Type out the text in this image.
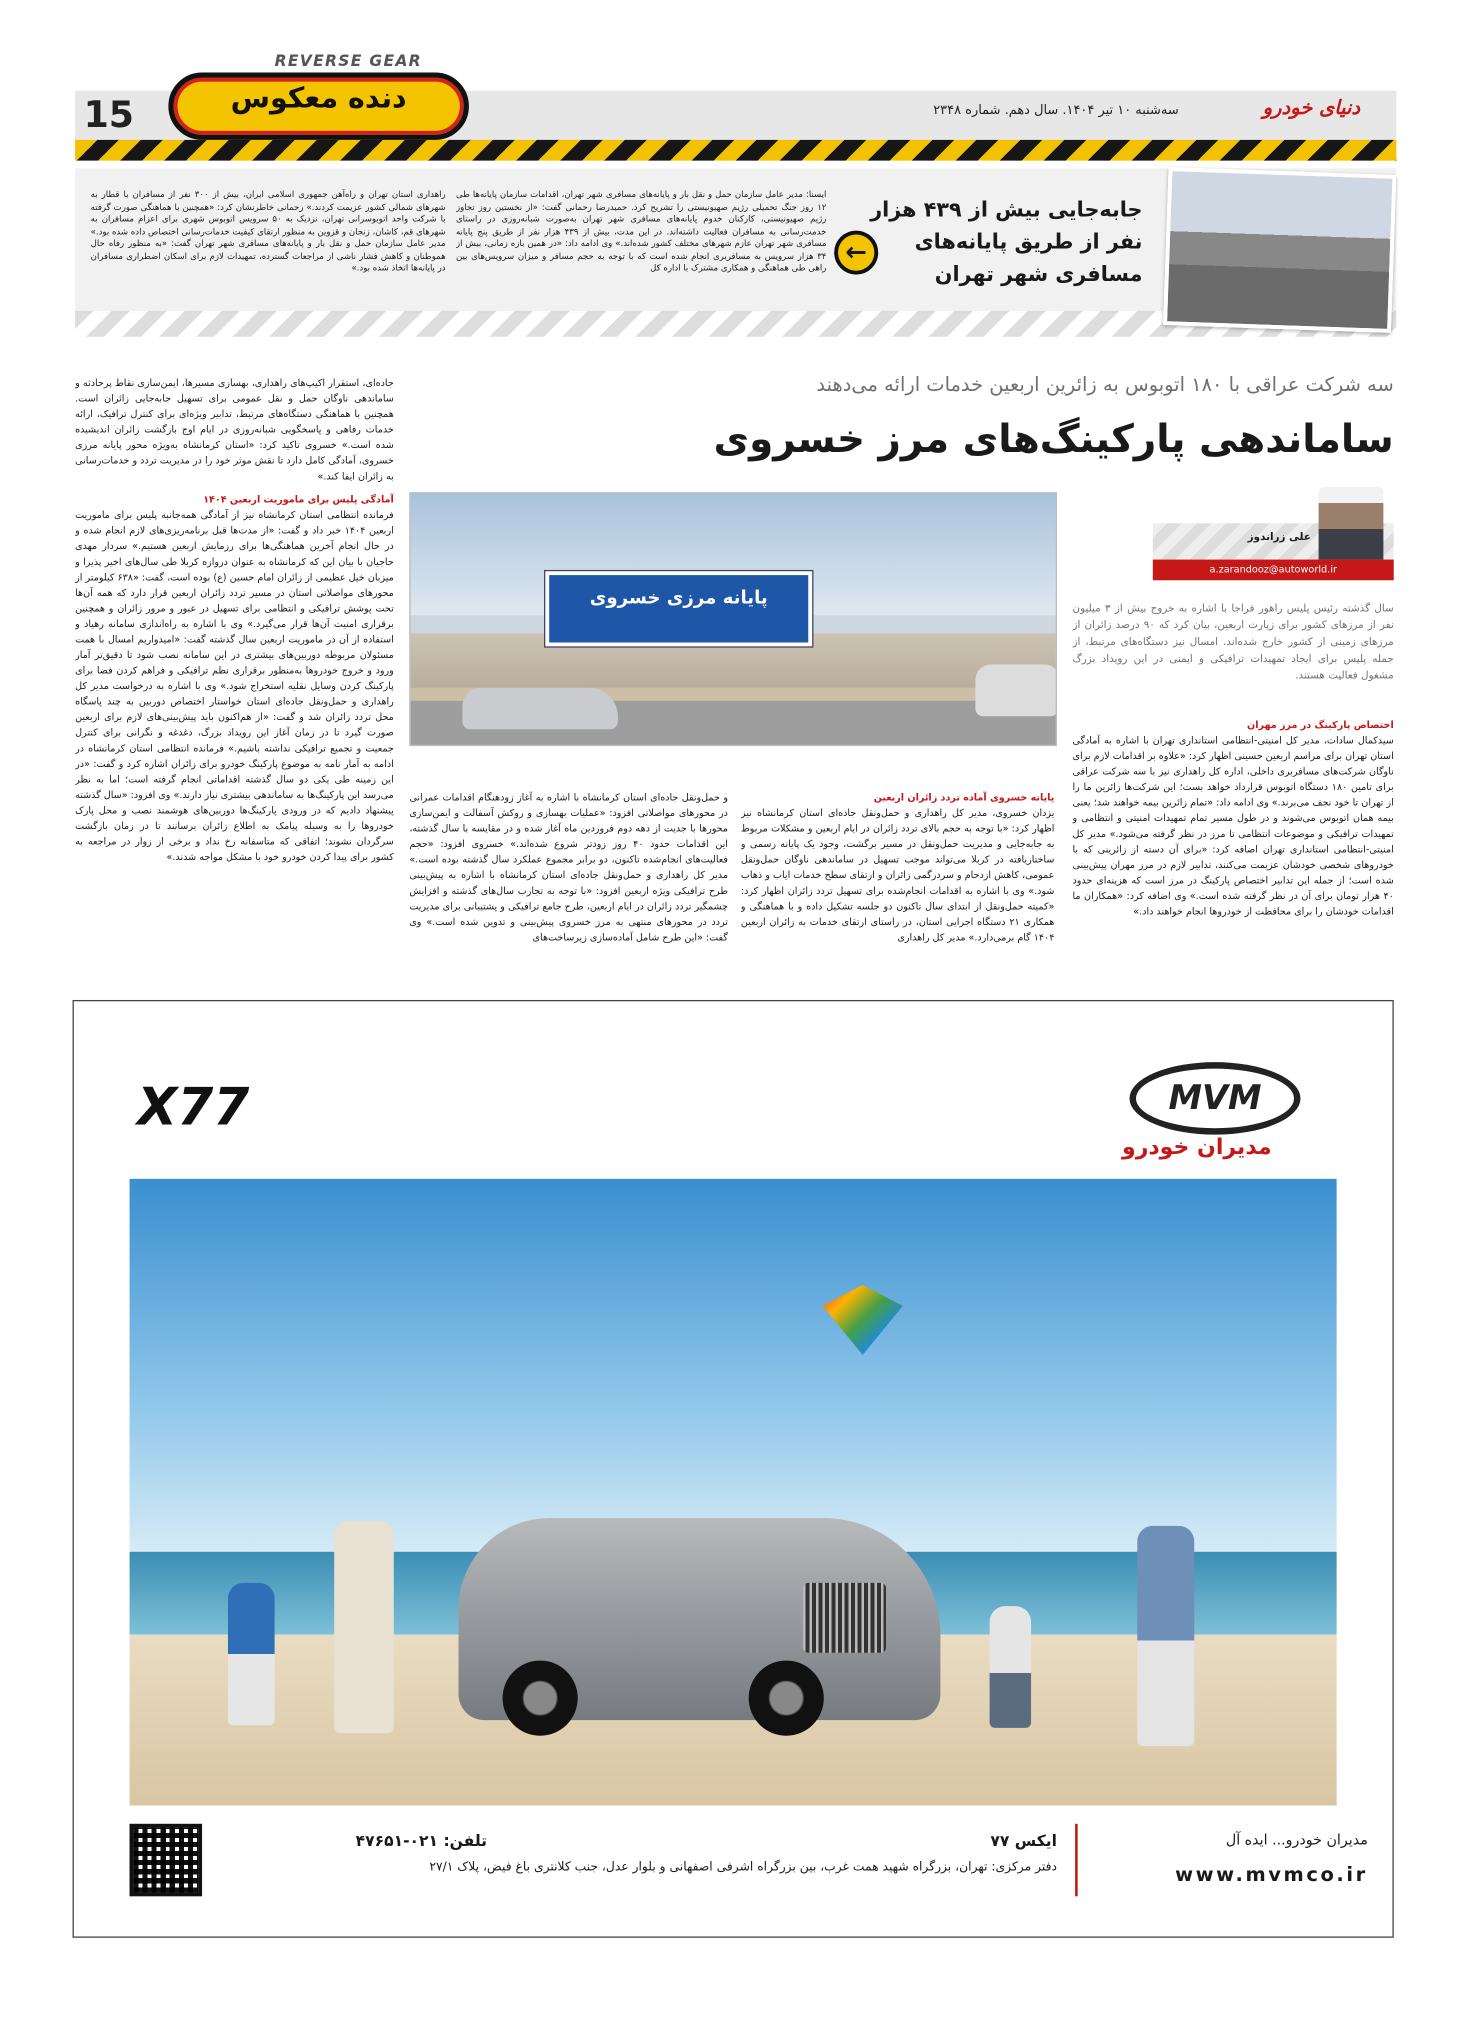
15
REVERSE GEAR
دنده معکوس	سه‌شنبه ۱۰ تیر ۱۴۰۴. سال دهم. شماره ۲۳۴۸	دنیای خودرو
جابه‌جایی بیش از ۴۳۹ هزار نفر از طریق پایانه‌های مسافری شهر تهران
←
ایسنا: مدیر عامل سازمان حمل و نقل بار و پایانه‌های مسافری شهر تهران، اقدامات سازمان پایانه‌ها طی ۱۲ روز جنگ تحمیلی رژیم صهیونیستی را تشریح کرد. حمیدرضا رحمانی گفت: «از نخستین روز تجاوز رژیم صهیونیستی، کارکنان خدوم پایانه‌های مسافری شهر تهران به‌صورت شبانه‌روزی در راستای خدمت‌رسانی به مسافران فعالیت داشته‌اند. در این مدت، بیش از ۴۳۹ هزار نفر از طریق پنج پایانه مسافری شهر تهران عازم شهرهای مختلف کشور شده‌اند.» وی ادامه داد: «در همین بازه زمانی، بیش از ۳۴ هزار سرویس به مسافربری انجام شده است که با توجه به حجم مسافر و میزان سرویس‌های بین راهی طی هماهنگی و همکاری مشترک با اداره کل
راهداری استان تهران و راه‌آهن جمهوری اسلامی ایران، بیش از ۳۰۰ نفر از مسافران با قطار به شهرهای شمالی کشور عزیمت کردند.» رحمانی خاطرنشان کرد: «همچنین با هماهنگی صورت گرفته با شرکت واحد اتوبوسرانی تهران، نزدیک به ۵۰ سرویس اتوبوس شهری برای اعزام مسافران به شهرهای قم، کاشان، زنجان و قزوین به منظور ارتقای کیفیت خدمات‌رسانی اختصاص داده شده بود.» مدیر عامل سازمان حمل و نقل بار و پایانه‌های مسافری شهر تهران گفت: «به منظور رفاه حال هموطنان و کاهش فشار ناشی از مراجعات گسترده، تمهیدات لازم برای اسکان اضطراری مسافران در پایانه‌ها اتخاذ شده بود.»
سه شرکت عراقی با ۱۸۰ اتوبوس به زائرین اربعین خدمات ارائه می‌دهند
ساماندهی پارکینگ‌های مرز خسروی
علی زراندوز
a.zarandooz@autoworld.ir
پایانه مرزی خسروی	سال گذشته رئیس پلیس راهور فراجا با اشاره به خروج بیش از ۳ میلیون نفر از مرزهای کشور برای زیارت اربعین، بیان کرد که ۹۰ درصد زائران از مرزهای زمینی از کشور خارج شده‌اند. امسال نیز دستگاه‌های مرتبط، از جمله پلیس برای ایجاد تمهیدات ترافیکی و ایمنی در این رویداد بزرگ مشغول فعالیت هستند.
اختصاص پارکینگ در مرز مهران
سیدکمال سادات، مدیر کل امنیتی-انتظامی استانداری تهران با اشاره به آمادگی استان تهران برای مراسم اربعین حسینی اظهار کرد: «علاوه بر اقدامات لازم برای ناوگان شرکت‌های مسافربری داخلی، اداره کل راهداری نیز با سه شرکت عراقی برای تامین ۱۸۰ دستگاه اتوبوس قرارداد خواهد بست؛ این شرکت‌ها زائرین ما را از تهران تا خود نجف می‌برند.» وی ادامه داد: «تمام زائرین بیمه خواهند شد؛ یعنی بیمه همان اتوبوس می‌شوند و در طول مسیر تمام تمهیدات امنیتی و انتظامی و تمهیدات ترافیکی و موضوعات انتظامی تا مرز در نظر گرفته می‌شود.» مدیر کل امنیتی-انتظامی استانداری تهران اضافه کرد: «برای آن دسته از زائرینی که با خودروهای شخصی خودشان عزیمت می‌کنند، تدابیر لازم در مرز مهران پیش‌بینی شده است؛ از جمله این تدابیر اختصاص پارکینگ در مرز است که هزینه‌ای حدود ۴۰ هزار تومان برای آن در نظر گرفته شده است.» وی اضافه کرد: «همکاران ما اقدامات خودشان را برای محافظت از خودروها انجام خواهند داد.»
پایانه خسروی آماده تردد زائران اربعین
یزدان خسروی، مدیر کل راهداری و حمل‌ونقل جاده‌ای استان کرمانشاه نیز اظهار کرد: «با توجه به حجم بالای تردد زائران در ایام اربعین و مشکلات مربوط به جابه‌جایی و مدیریت حمل‌ونقل در مسیر برگشت، وجود یک پایانه رسمی و ساختاریافته در کربلا می‌تواند موجب تسهیل در ساماندهی ناوگان حمل‌ونقل عمومی، کاهش ازدحام و سردرگمی زائران و ارتقای سطح خدمات ایاب و ذهاب شود.» وی با اشاره به اقدامات انجام‌شده برای تسهیل تردد زائران اظهار کرد: «کمیته حمل‌ونقل از ابتدای سال تاکنون دو جلسه تشکیل داده و با هماهنگی و همکاری ۲۱ دستگاه اجرایی استان، در راستای ارتقای خدمات به زائران اربعین ۱۴۰۴ گام برمی‌دارد.» مدیر کل راهداری
و حمل‌ونقل جاده‌ای استان کرمانشاه با اشاره به آغاز زودهنگام اقدامات عمرانی در محورهای مواصلاتی افزود: «عملیات بهسازی و روکش آسفالت و ایمن‌سازی محورها با جدیت از دهه دوم فروردین ماه آغاز شده و در مقایسه با سال گذشته، این اقدامات حدود ۴۰ روز زودتر شروع شده‌اند.» خسروی افزود: «حجم فعالیت‌های انجام‌شده تاکنون، دو برابر مجموع عملکرد سال گذشته بوده است.» مدیر کل راهداری و حمل‌ونقل جاده‌ای استان کرمانشاه با اشاره به پیش‌بینی طرح ترافیکی ویژه اربعین افزود: «با توجه به تجارب سال‌های گذشته و افزایش چشمگیر تردد زائران در ایام اربعین، طرح جامع ترافیکی و پشتیبانی برای مدیریت تردد در محورهای منتهی به مرز خسروی پیش‌بینی و تدوین شده است.» وی گفت: «این طرح شامل آماده‌سازی زیرساخت‌های
جاده‌ای، استقرار اکیپ‌های راهداری، بهسازی مسیرها، ایمن‌سازی نقاط پرحادثه و ساماندهی ناوگان حمل و نقل عمومی برای تسهیل جابه‌جایی زائران است. همچنین با هماهنگی دستگاه‌های مرتبط، تدابیر ویژه‌ای برای کنترل ترافیک، ارائه خدمات رفاهی و پاسخگویی شبانه‌روزی در ایام اوج بازگشت زائران اندیشیده شده است.» خسروی تاکید کرد: «استان کرمانشاه به‌ویژه محور پایانه مرزی خسروی، آمادگی کامل دارد تا نقش موثر خود را در مدیریت تردد و خدمات‌رسانی به زائران ایفا کند.»
آمادگی پلیس برای ماموریت اربعین ۱۴۰۴
فرمانده انتظامی استان کرمانشاه نیز از آمادگی همه‌جانبه پلیس برای ماموریت اربعین ۱۴۰۴ خبر داد و گفت: «از مدت‌ها قبل برنامه‌ریزی‌های لازم انجام شده و در حال انجام آخرین هماهنگی‌ها برای رزمایش اربعین هستیم.» سردار مهدی حاجیان با بیان این که کرمانشاه به عنوان دروازه کربلا طی سال‌های اخیر پذیرا و میزبان خیل عظیمی از زائران امام حسین (ع) بوده است، گفت: «۶۳۸ کیلومتر از محورهای مواصلاتی استان در مسیر تردد زائران اربعین قرار دارد که همه آن‌ها تحت پوشش ترافیکی و انتظامی برای تسهیل در عبور و مرور زائران و همچنین برقراری امنیت آن‌ها قرار می‌گیرد.» وی با اشاره به راه‌اندازی سامانه رهیاد و استفاده از آن در ماموریت اربعین سال گذشته گفت: «امیدواریم امسال با همت مسئولان مربوطه دوربین‌های بیشتری در این سامانه نصب شود تا دقیق‌تر آمار ورود و خروج خودروها به‌منظور برقراری نظم ترافیکی و فراهم کردن فضا برای پارکینگ کردن وسایل نقلیه استخراج شود.» وی با اشاره به درخواست مدیر کل راهداری و حمل‌ونقل جاده‌ای استان خواستار اختصاص دوربین به چند پاسگاه محل تردد زائران شد و گفت: «از هم‌اکنون باید پیش‌بینی‌های لازم برای اربعین صورت گیرد تا در زمان آغاز این رویداد بزرگ، دغدغه و نگرانی برای کنترل جمعیت و تجمیع ترافیکی نداشته باشیم.» فرمانده انتظامی استان کرمانشاه در ادامه به آمار نامه به موضوع پارکینگ خودرو برای زائران اشاره کرد و گفت: «در این زمینه طی یکی دو سال گذشته اقداماتی انجام گرفته است؛ اما به نظر می‌رسد این پارکینگ‌ها به ساماندهی بیشتری نیاز دارند.» وی افزود: «سال گذشته پیشنهاد دادیم که در ورودی پارکینگ‌ها دوربین‌های هوشمند نصب و محل پارک خودروها را به وسیله پیامک به اطلاع زائران برسانند تا در زمان بازگشت سرگردان نشوند؛ اتفاقی که متاسفانه رخ نداد و برخی از زوار در مراجعه به کشور برای پیدا کردن خودرو خود با مشکل مواجه شدند.»
X77	MVM
مدیران خودرو
مدیران خودرو... ایده آل
www.mvmco.ir
ایکس ۷۷
تلفن: ۰۲۱-۴۷۶۵۱
دفتر مرکزی: تهران، بزرگراه شهید همت غرب، بین بزرگراه اشرفی اصفهانی و بلوار عدل، جنب کلانتری باغ فیض، پلاک ۲۷/۱
